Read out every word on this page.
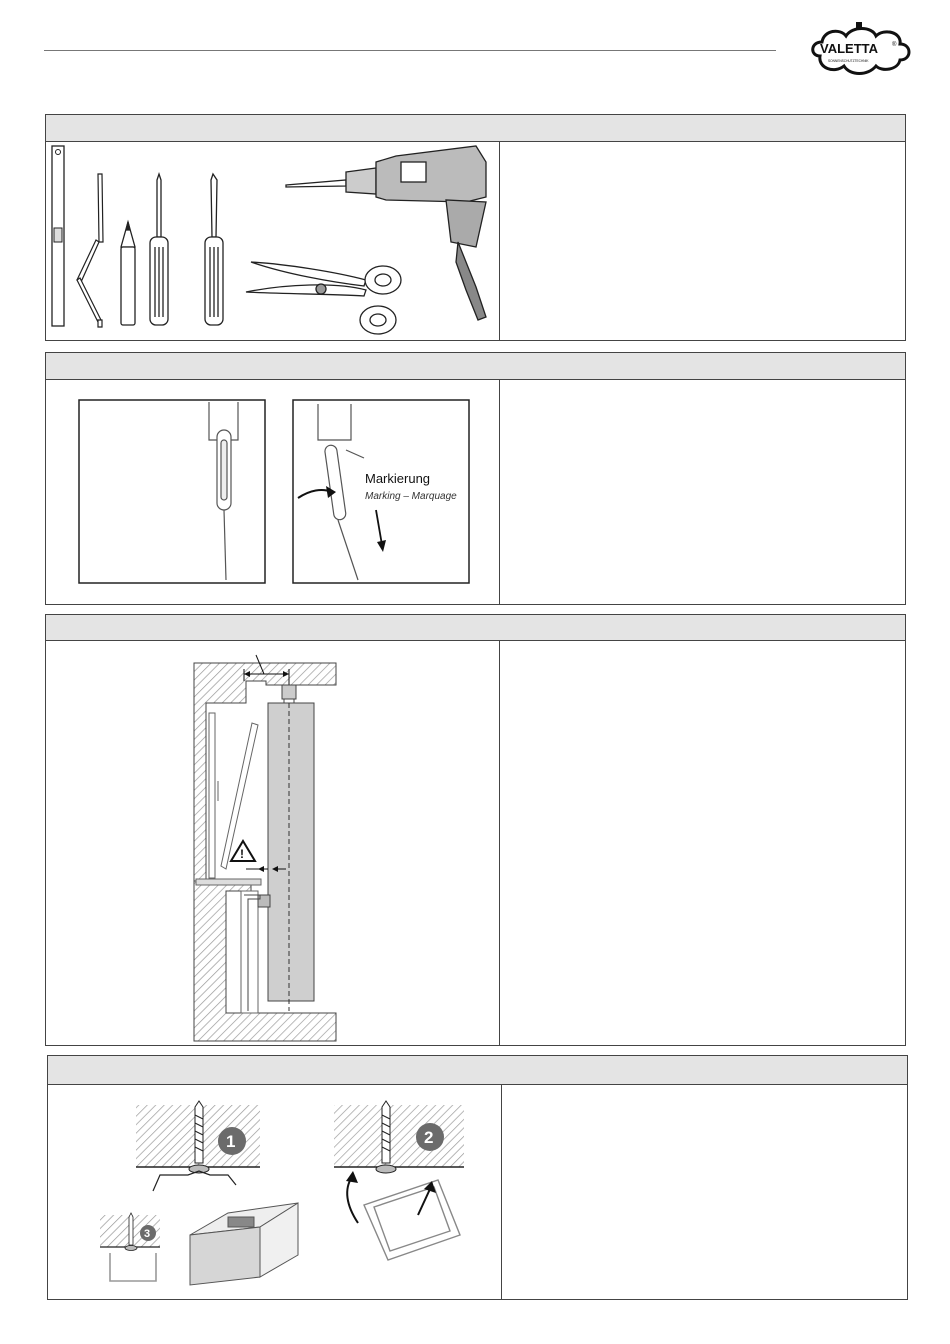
VALETTA ®
SONNENSCHUTZTECHNIK
Markierung
Marking – Marquage
!
1	2
3
